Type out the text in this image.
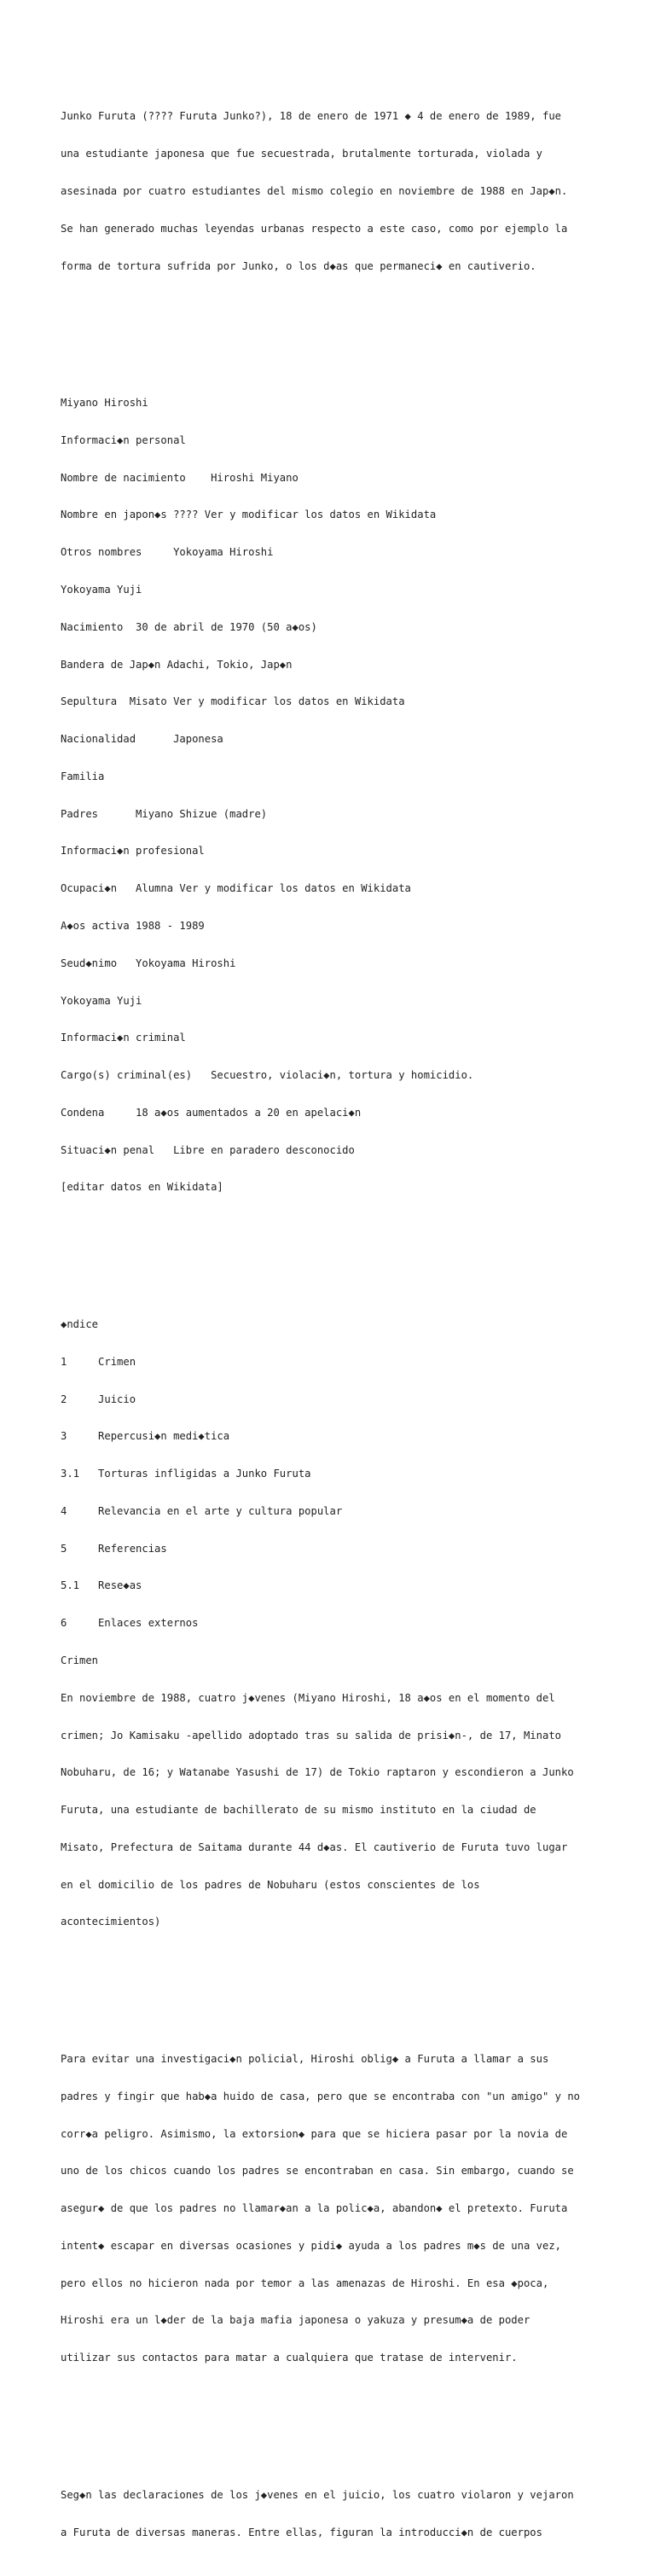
Junko Furuta (???? Furuta Junko?), 18 de enero de 1971 ◆ 4 de enero de 1989, fue

una estudiante japonesa que fue secuestrada, brutalmente torturada, violada y

asesinada por cuatro estudiantes del mismo colegio en noviembre de 1988 en Jap◆n.

Se han generado muchas leyendas urbanas respecto a este caso, como por ejemplo la

forma de tortura sufrida por Junko, o los d◆as que permaneci◆ en cautiverio.

Miyano Hiroshi

Informaci◆n personal

Nombre de nacimiento    Hiroshi Miyano

Nombre en japon◆s ???? Ver y modificar los datos en Wikidata

Otros nombres     Yokoyama Hiroshi

Yokoyama Yuji

Nacimiento  30 de abril de 1970 (50 a◆os)

Bandera de Jap◆n Adachi, Tokio, Jap◆n

Sepultura  Misato Ver y modificar los datos en Wikidata

Nacionalidad      Japonesa

Familia

Padres      Miyano Shizue (madre)

Informaci◆n profesional

Ocupaci◆n   Alumna Ver y modificar los datos en Wikidata

A◆os activa 1988 - 1989

Seud◆nimo   Yokoyama Hiroshi

Yokoyama Yuji

Informaci◆n criminal

Cargo(s) criminal(es)   Secuestro, violaci◆n, tortura y homicidio.

Condena     18 a◆os aumentados a 20 en apelaci◆n

Situaci◆n penal   Libre en paradero desconocido

[editar datos en Wikidata]

◆ndice

1     Crimen

2     Juicio

3     Repercusi◆n medi◆tica

3.1   Torturas infligidas a Junko Furuta

4     Relevancia en el arte y cultura popular

5     Referencias

5.1   Rese◆as

6     Enlaces externos

Crimen

En noviembre de 1988, cuatro j◆venes (Miyano Hiroshi, 18 a◆os en el momento del

crimen; Jo Kamisaku -apellido adoptado tras su salida de prisi◆n-, de 17, Minato

Nobuharu, de 16; y Watanabe Yasushi de 17) de Tokio raptaron y escondieron a Junko

Furuta, una estudiante de bachillerato de su mismo instituto en la ciudad de

Misato, Prefectura de Saitama durante 44 d◆as. El cautiverio de Furuta tuvo lugar

en el domicilio de los padres de Nobuharu (estos conscientes de los

acontecimientos)

Para evitar una investigaci◆n policial, Hiroshi oblig◆ a Furuta a llamar a sus

padres y fingir que hab◆a huido de casa, pero que se encontraba con "un amigo" y no

corr◆a peligro. Asimismo, la extorsion◆ para que se hiciera pasar por la novia de

uno de los chicos cuando los padres se encontraban en casa. Sin embargo, cuando se

asegur◆ de que los padres no llamar◆an a la polic◆a, abandon◆ el pretexto. Furuta

intent◆ escapar en diversas ocasiones y pidi◆ ayuda a los padres m◆s de una vez,

pero ellos no hicieron nada por temor a las amenazas de Hiroshi. En esa ◆poca,

Hiroshi era un l◆der de la baja mafia japonesa o yakuza y presum◆a de poder

utilizar sus contactos para matar a cualquiera que tratase de intervenir.

Seg◆n las declaraciones de los j◆venes en el juicio, los cuatro violaron y vejaron

a Furuta de diversas maneras. Entre ellas, figuran la introducci◆n de cuerpos
